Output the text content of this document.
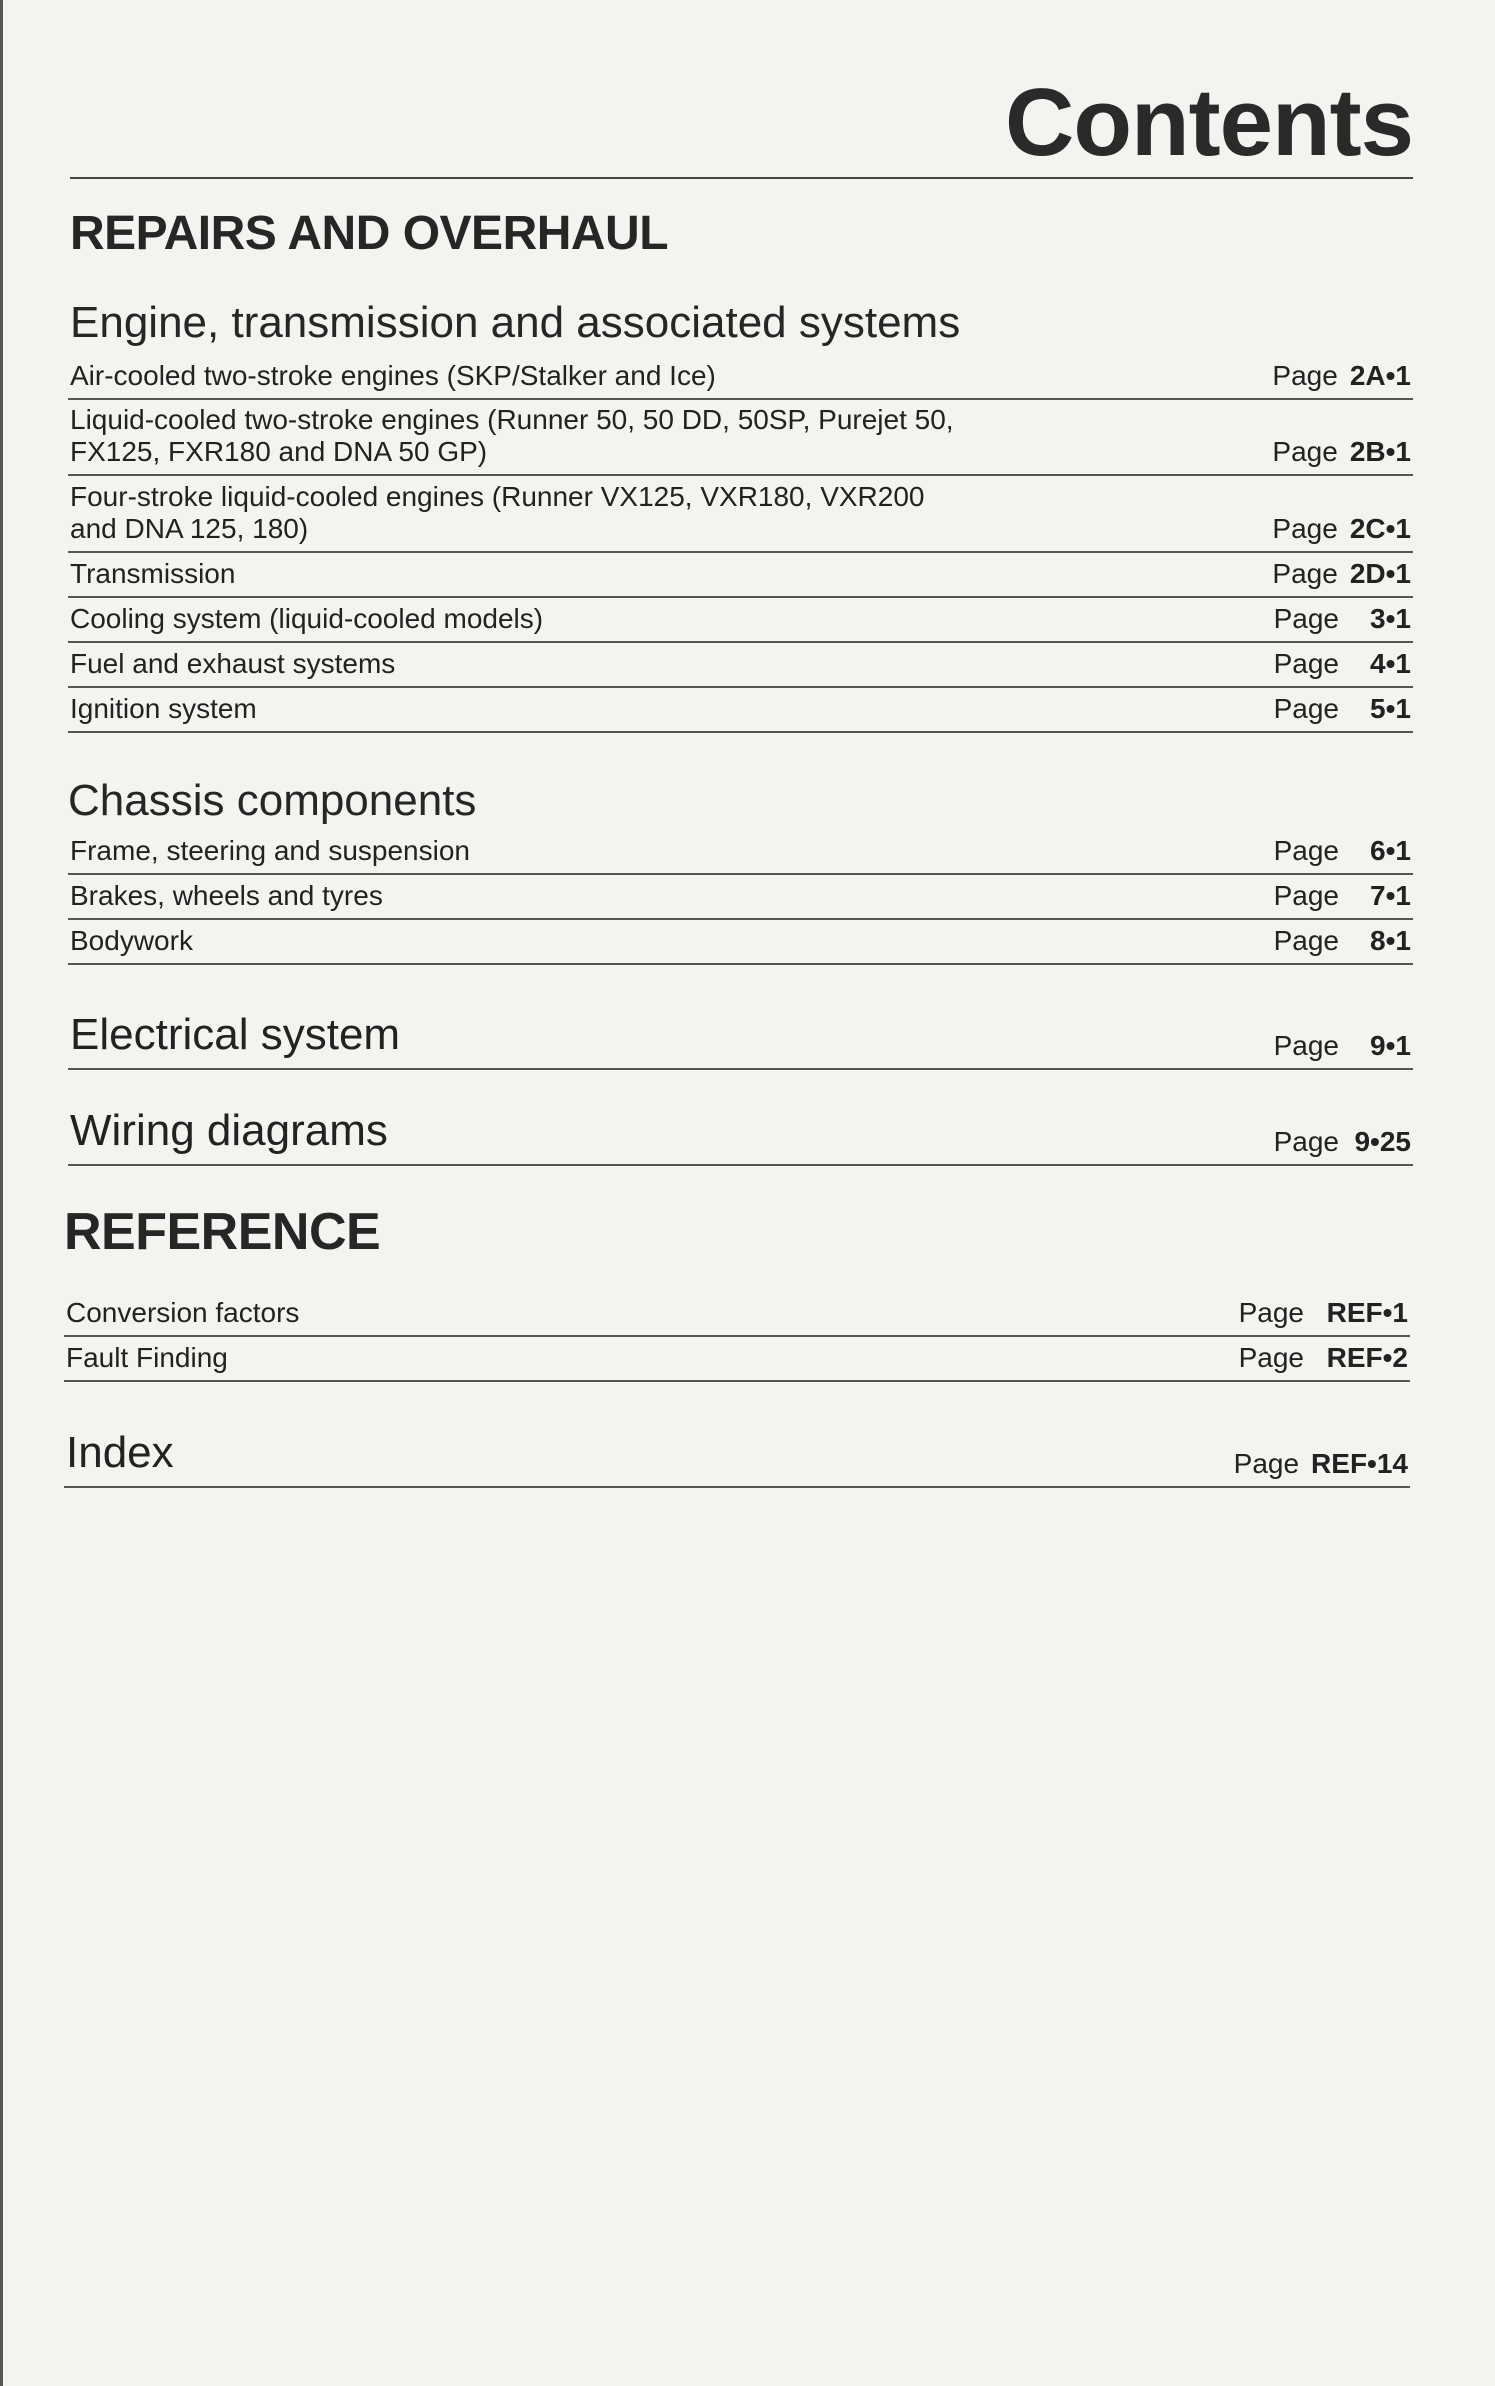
Contents
REPAIRS AND OVERHAUL
Engine, transmission and associated systems
Air-cooled two-stroke engines (SKP/Stalker and Ice)	Page 2A•1
Liquid-cooled two-stroke engines (Runner 50, 50 DD, 50SP, Purejet 50,
FX125, FXR180 and DNA 50 GP)	Page 2B•1
Four-stroke liquid-cooled engines (Runner VX125, VXR180, VXR200
and DNA 125, 180)	Page 2C•1
Transmission	Page 2D•1
Cooling system (liquid-cooled models)	Page 3•1
Fuel and exhaust systems	Page 4•1
Ignition system	Page 5•1
Chassis components
Frame, steering and suspension	Page 6•1
Brakes, wheels and tyres	Page 7•1
Bodywork	Page 8•1
Electrical system	Page 9•1
Wiring diagrams	Page 9•25
REFERENCE
Conversion factors	Page REF•1
Fault Finding	Page REF•2
Index	Page REF•14
